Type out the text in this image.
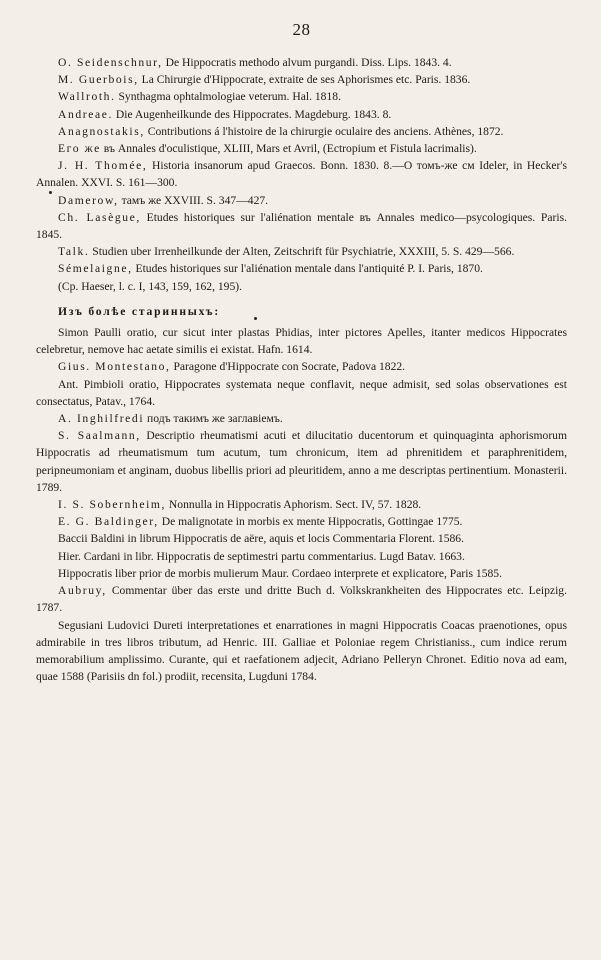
28

O. Seidenschnur, De Hippocratis methodo alvum purgandi. Diss. Lips. 1843. 4.

M. Guerbois, La Chirurgie d'Hippocrate, extraite de ses Aphorismes etc. Paris. 1836.

Wallroth. Synthagma ophtalmologiae veterum. Hal. 1818.

Andreae. Die Augenheilkunde des Hippocrates. Magdeburg. 1843. 8.

Anagnostakis, Contributions á l'histoire de la chirurgie oculaire des anciens. Athènes, 1872.

Его же въ Annales d'oculistique, XLIII, Mars et Avril, (Ectropium et Fistula lacrimalis).

J. H. Thomée, Historia insanorum apud Graecos. Bonn. 1830. 8.—O томъ-же см Ideler, in Hecker's Annalen. XXVI. S. 161—300.

Damerow, тамъ же XXVIII. S. 347—427.

Ch. Lasègue, Etudes historiques sur l'aliénation mentale въ Annales medico—psycologiques. Paris. 1845.

Talk. Studien uber Irrenheilkunde der Alten, Zeitschrift für Psychiatrie, XXXIII, 5. S. 429—566.

Sémelaigne, Etudes historiques sur l'aliénation mentale dans l'antiquité P. I. Paris, 1870.

(Cp. Haeser, l. c. I, 143, 159, 162, 195).

Изъ болѣе старинныхъ:

Simon Paulli oratio, cur sicut inter plastas Phidias, inter pictores Apelles, itanter medicos Hippocrates celebretur, nemove hac aetate similis ei existat. Hafn. 1614.

Gius. Montestano, Paragone d'Hippocrate con Socrate, Padova 1822.

Ant. Pimbioli oratio, Hippocrates systemata neque conflavit, neque admisit, sed solas observationes est consectatus, Patav., 1764.

A. Inghilfredi подъ такимъ же заглавіемъ.

S. Saalmann, Descriptio rheumatismi acuti et dilucitatio ducentorum et quinquaginta aphorismorum Hippocratis ad rheumatismum tum acutum, tum chronicum, item ad phrenitidem et paraphrenitidem, peripneumoniam et anginam, duobus libellis priori ad pleuritidem, anno a me descriptas pertinentium. Monasterii. 1789.

I. S. Sobernheim, Nonnulla in Hippocratis Aphorism. Sect. IV, 57. 1828.

E. G. Baldinger, De malignotate in morbis ex mente Hippocratis, Gottingae 1775.

Baccii Baldini in librum Hippocratis de aëre, aquis et locis Commentaria Florent. 1586.

Hier. Cardani in libr. Hippocratis de septimestri partu commentarius. Lugd Batav. 1663.

Hippocratis liber prior de morbis mulierum Maur. Cordaeo interprete et explicatore, Paris 1585.

Aubruy, Commentar über das erste und dritte Buch d. Volkskrankheiten des Hippocrates etc. Leipzig. 1787.

Segusiani Ludovici Dureti interpretationes et enarrationes in magni Hippocratis Coacas praenotiones, opus admirabile in tres libros tributum, ad Henric. III. Galliae et Poloniae regem Christianiss., cum indice rerum memorabilium amplissimo. Curante, qui et raefationem adjecit, Adriano Pelleryn Chronet. Editio nova ad eam, quae 1588 (Parisiis dn fol.) prodiit, recensita, Lugduni 1784.
